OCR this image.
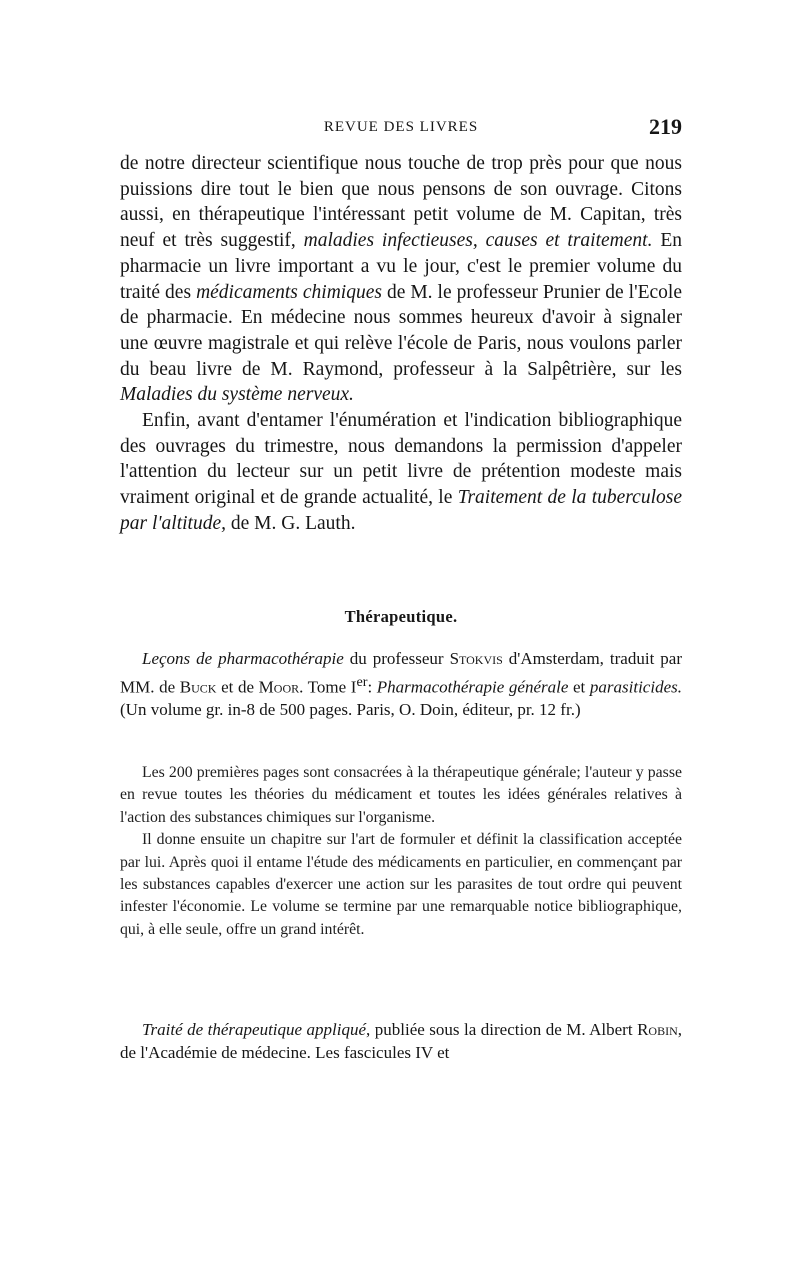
REVUE DES LIVRES	219

de notre directeur scientifique nous touche de trop près pour que nous puissions dire tout le bien que nous pensons de son ouvrage. Citons aussi, en thérapeutique l'intéressant petit volume de M. Capitan, très neuf et très suggestif, maladies infectieuses, causes et traitement. En pharmacie un livre important a vu le jour, c'est le premier volume du traité des médicaments chimiques de M. le professeur Prunier de l'Ecole de pharmacie. En médecine nous sommes heureux d'avoir à signaler une œuvre magistrale et qui relève l'école de Paris, nous voulons parler du beau livre de M. Raymond, professeur à la Salpêtrière, sur les Maladies du système nerveux.

Enfin, avant d'entamer l'énumération et l'indication bibliographique des ouvrages du trimestre, nous demandons la permission d'appeler l'attention du lecteur sur un petit livre de prétention modeste mais vraiment original et de grande actualité, le Traitement de la tuberculose par l'altitude, de M. G. Lauth.

Thérapeutique.

Leçons de pharmacothérapie du professeur Stokvis d'Amsterdam, traduit par MM. de Buck et de Moor. Tome Ier: Pharmacothérapie générale et parasiticides. (Un volume gr. in-8 de 500 pages. Paris, O. Doin, éditeur, pr. 12 fr.)

Les 200 premières pages sont consacrées à la thérapeutique générale; l'auteur y passe en revue toutes les théories du médicament et toutes les idées générales relatives à l'action des substances chimiques sur l'organisme.

Il donne ensuite un chapitre sur l'art de formuler et définit la classification acceptée par lui. Après quoi il entame l'étude des médicaments en particulier, en commençant par les substances capables d'exercer une action sur les parasites de tout ordre qui peuvent infester l'économie. Le volume se termine par une remarquable notice bibliographique, qui, à elle seule, offre un grand intérêt.

Traité de thérapeutique appliqué, publiée sous la direction de M. Albert Robin, de l'Académie de médecine. Les fascicules IV et
